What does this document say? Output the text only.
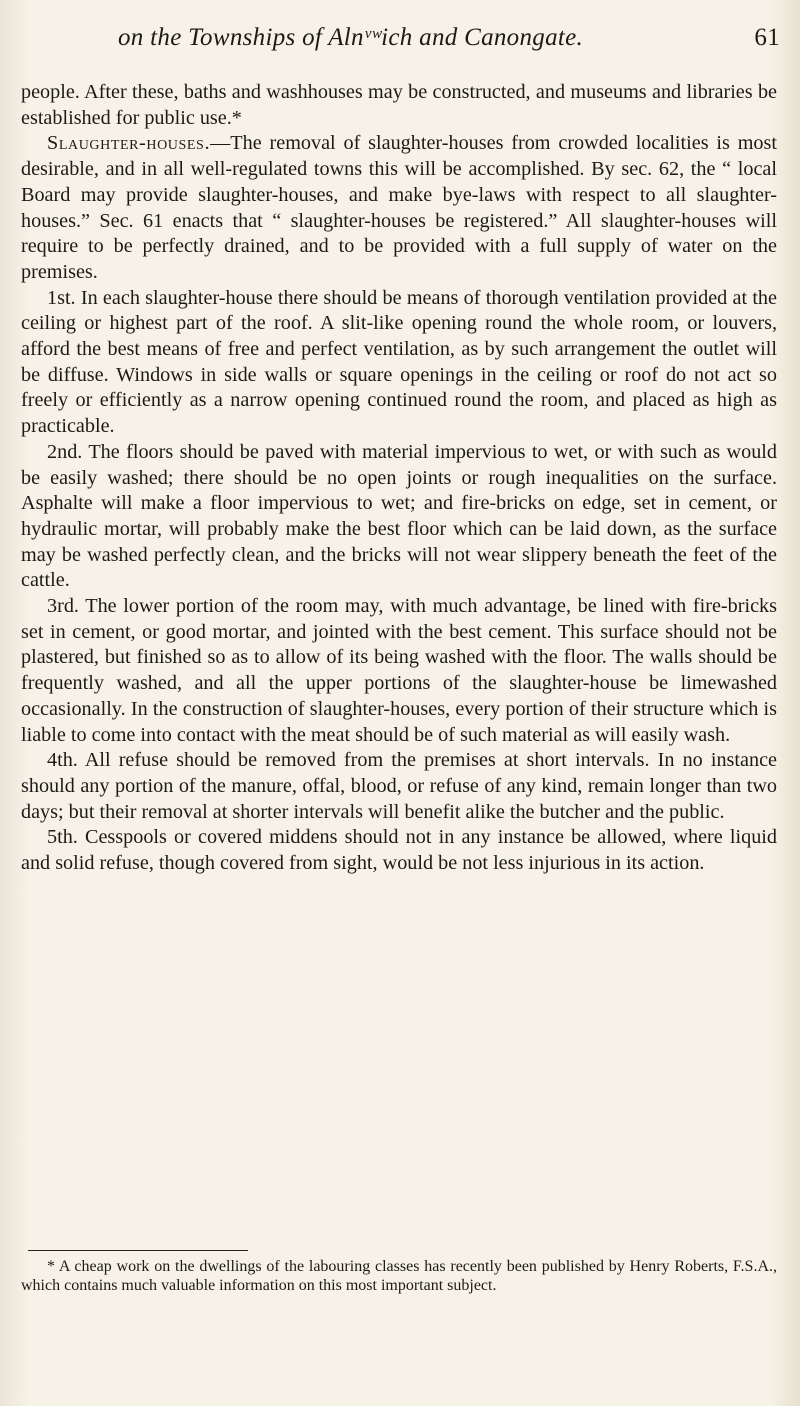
on the Townships of Alnᵛʷich and Canongate.	61

people. After these, baths and washhouses may be constructed, and museums and libraries be established for public use.*

Slaughter-houses.—The removal of slaughter-houses from crowded localities is most desirable, and in all well-regulated towns this will be accomplished. By sec. 62, the “ local Board may provide slaughter-houses, and make bye-laws with respect to all slaughter-houses.” Sec. 61 enacts that “ slaughter-houses be registered.” All slaughter-houses will require to be perfectly drained, and to be provided with a full supply of water on the premises.

1st. In each slaughter-house there should be means of thorough ventilation provided at the ceiling or highest part of the roof. A slit-like opening round the whole room, or louvers, afford the best means of free and perfect ventilation, as by such arrangement the outlet will be diffuse. Windows in side walls or square openings in the ceiling or roof do not act so freely or efficiently as a narrow opening continued round the room, and placed as high as practicable.

2nd. The floors should be paved with material impervious to wet, or with such as would be easily washed; there should be no open joints or rough inequalities on the surface. Asphalte will make a floor impervious to wet; and fire-bricks on edge, set in cement, or hydraulic mortar, will probably make the best floor which can be laid down, as the surface may be washed perfectly clean, and the bricks will not wear slippery beneath the feet of the cattle.

3rd. The lower portion of the room may, with much advantage, be lined with fire-bricks set in cement, or good mortar, and jointed with the best cement. This surface should not be plastered, but finished so as to allow of its being washed with the floor. The walls should be frequently washed, and all the upper portions of the slaughter-house be limewashed occasionally. In the construction of slaughter-houses, every portion of their structure which is liable to come into contact with the meat should be of such material as will easily wash.

4th. All refuse should be removed from the premises at short intervals. In no instance should any portion of the manure, offal, blood, or refuse of any kind, remain longer than two days; but their removal at shorter intervals will benefit alike the butcher and the public.

5th. Cesspools or covered middens should not in any instance be allowed, where liquid and solid refuse, though covered from sight, would be not less injurious in its action.

* A cheap work on the dwellings of the labouring classes has recently been published by Henry Roberts, F.S.A., which contains much valuable information on this most important subject.
